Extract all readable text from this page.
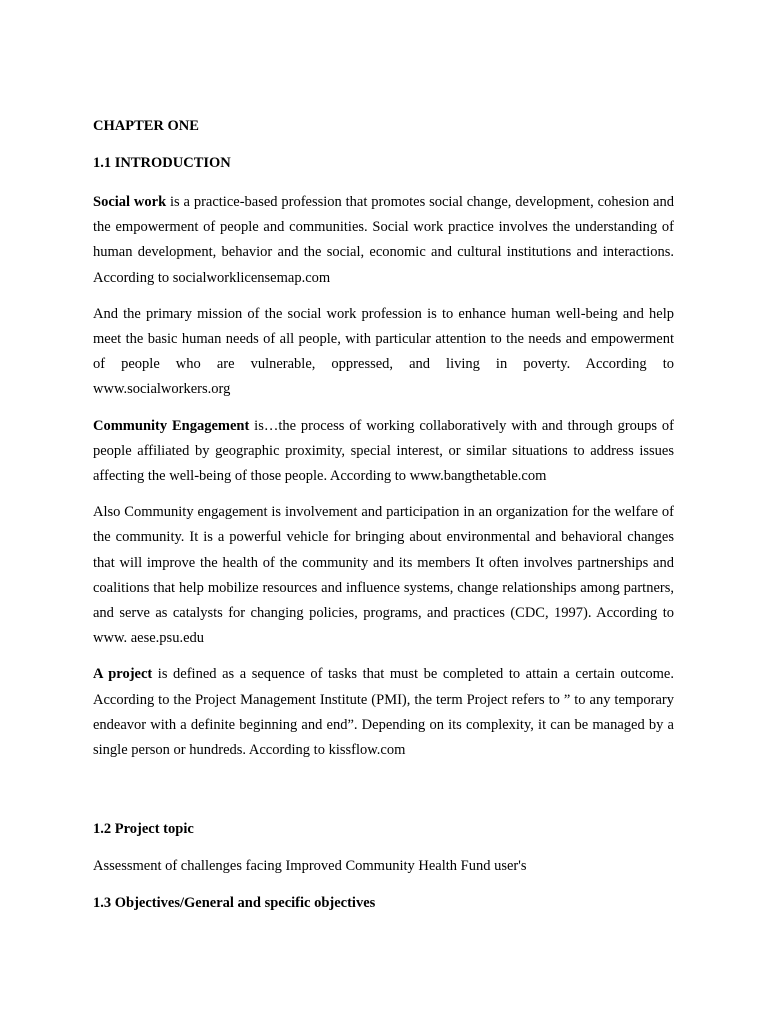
CHAPTER ONE

1.1 INTRODUCTION

Social work is a practice-based profession that promotes social change, development, cohesion and the empowerment of people and communities. Social work practice involves the understanding of human development, behavior and the social, economic and cultural institutions and interactions. According to socialworklicensemap.com

And the primary mission of the social work profession is to enhance human well-being and help meet the basic human needs of all people, with particular attention to the needs and empowerment of people who are vulnerable, oppressed, and living in poverty. According to www.socialworkers.org

Community Engagement is…the process of working collaboratively with and through groups of people affiliated by geographic proximity, special interest, or similar situations to address issues affecting the well-being of those people. According to www.bangthetable.com

Also Community engagement is involvement and participation in an organization for the welfare of the community. It is a powerful vehicle for bringing about environmental and behavioral changes that will improve the health of the community and its members It often involves partnerships and coalitions that help mobilize resources and influence systems, change relationships among partners, and serve as catalysts for changing policies, programs, and practices (CDC, 1997). According to www. aese.psu.edu

A project is defined as a sequence of tasks that must be completed to attain a certain outcome. According to the Project Management Institute (PMI), the term Project refers to ” to any temporary endeavor with a definite beginning and end”. Depending on its complexity, it can be managed by a single person or hundreds. According to kissflow.com

1.2 Project topic

Assessment of challenges facing Improved Community Health Fund user's

1.3 Objectives/General and specific objectives
